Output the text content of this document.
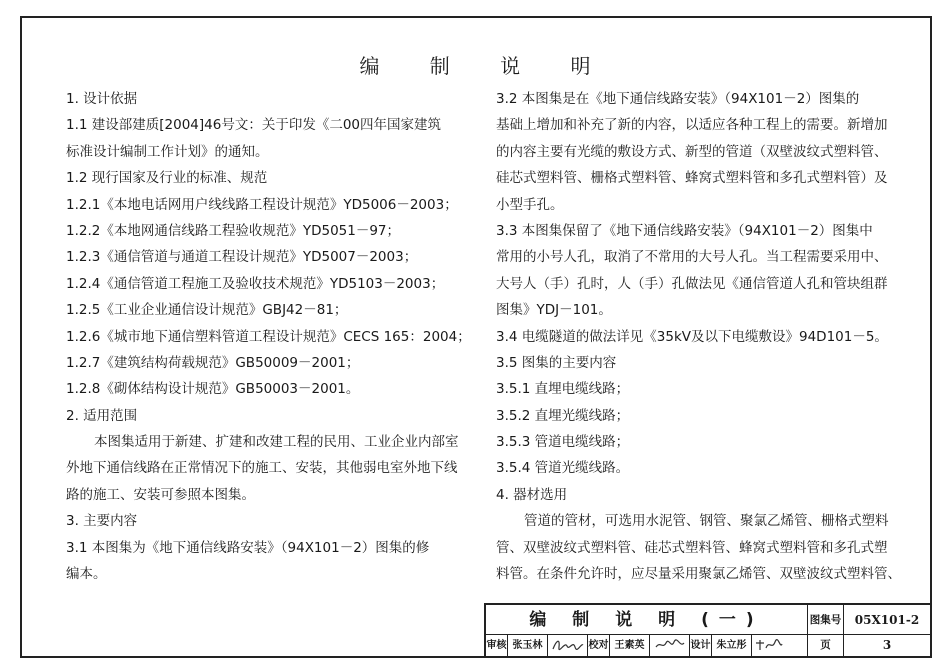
编 制 说 明
1. 设计依据
1.1 建设部建质[2004]46号文：关于印发《二00四年国家建筑
标准设计编制工作计划》的通知。
1.2 现行国家及行业的标准、规范
1.2.1《本地电话网用户线线路工程设计规范》YD5006－2003；
1.2.2《本地网通信线路工程验收规范》YD5051－97；
1.2.3《通信管道与通道工程设计规范》YD5007－2003；
1.2.4《通信管道工程施工及验收技术规范》YD5103－2003；
1.2.5《工业企业通信设计规范》GBJ42－81；
1.2.6《城市地下通信塑料管道工程设计规范》CECS 165：2004；
1.2.7《建筑结构荷载规范》GB50009－2001；
1.2.8《砌体结构设计规范》GB50003－2001。
2. 适用范围
本图集适用于新建、扩建和改建工程的民用、工业企业内部室
外地下通信线路在正常情况下的施工、安装，其他弱电室外地下线
路的施工、安装可参照本图集。
3. 主要内容
3.1 本图集为《地下通信线路安装》（94X101－2）图集的修
编本。
3.2 本图集是在《地下通信线路安装》（94X101－2）图集的
基础上增加和补充了新的内容，以适应各种工程上的需要。新增加
的内容主要有光缆的敷设方式、新型的管道（双壁波纹式塑料管、
硅芯式塑料管、栅格式塑料管、蜂窝式塑料管和多孔式塑料管）及
小型手孔。
3.3 本图集保留了《地下通信线路安装》（94X101－2）图集中
常用的小号人孔，取消了不常用的大号人孔。当工程需要采用中、
大号人（手）孔时，人（手）孔做法见《通信管道人孔和管块组群
图集》YDJ－101。
3.4 电缆隧道的做法详见《35kV及以下电缆敷设》94D101－5。
3.5 图集的主要内容
3.5.1 直埋电缆线路；
3.5.2 直埋光缆线路；
3.5.3 管道电缆线路；
3.5.4 管道光缆线路。
4. 器材选用
管道的管材，可选用水泥管、钢管、聚氯乙烯管、栅格式塑料
管、双壁波纹式塑料管、硅芯式塑料管、蜂窝式塑料管和多孔式塑
料管。在条件允许时，应尽量采用聚氯乙烯管、双壁波纹式塑料管、
编 制 说 明 (一)	图集号	05X101-2
审核 张玉林	校对 王素英	设计 朱立彤	页	3
